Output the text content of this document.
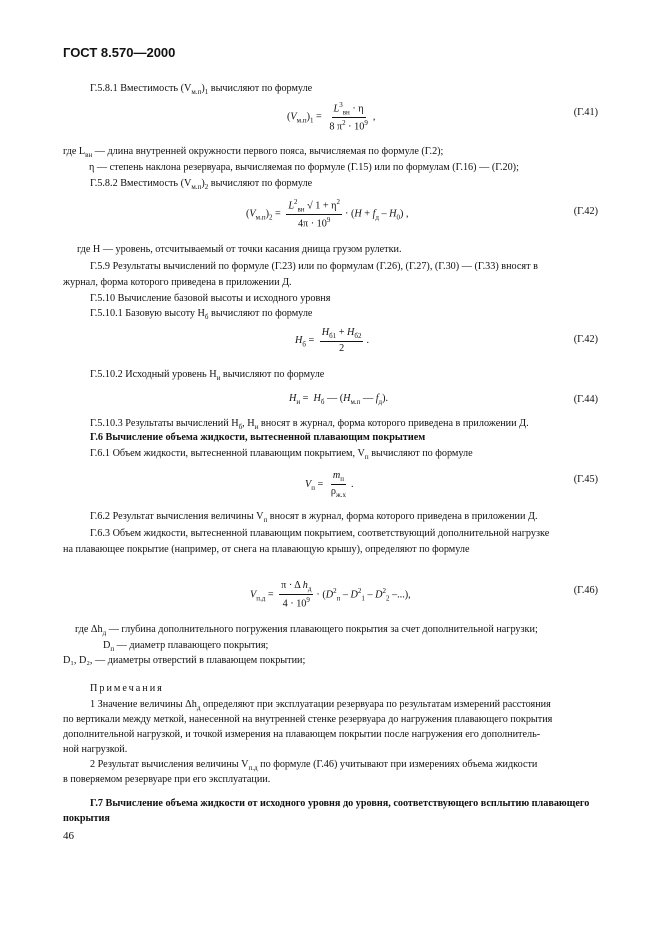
ГОСТ 8.570—2000
Г.5.8.1 Вместимость $(V_{м.п})_1$ вычисляют по формуле
$(V_{м.п})_1 = \frac{L^3_{вн} \cdot \eta}{8 \pi^2 \cdot 10^9}$ ,	(Г.41)
где $L_{вн}$ — длина внутренней окружности первого пояса, вычисляемая по формуле (Г.2);
η — степень наклона резервуара, вычисляемая по формуле (Г.15) или по формулам (Г.16) — (Г.20);
Г.5.8.2 Вместимость $(V_{м.п})_2$ вычисляют по формуле
$(V_{м.п})_2 = \frac{L^2_{вн} √ 1 + \eta^2}{4\pi \cdot 10^9} \cdot (H + f_д - H_0)$ ,	(Г.42)
где H — уровень, отсчитываемый от точки касания днища грузом рулетки.
Г.5.9 Результаты вычислений по формуле (Г.23) или по формулам (Г.26), (Г.27), (Г.30) — (Г.33) вносят в
журнал, форма которого приведена в приложении Д.
Г.5.10 Вычисление базовой высоты и исходного уровня
Г.5.10.1 Базовую высоту $H_б$ вычисляют по формуле
$H_б = \frac{H_{б1} + H_{б2}}{2}$ .	(Г.42)
Г.5.10.2 Исходный уровень $H_и$ вычисляют по формуле
$H_и = H_б$ — ($H_{м.п}$ — $f_д$).	(Г.44)
Г.5.10.3 Результаты вычислений $H_б$, $H_и$ вносят в журнал, форма которого приведена в приложении Д.
Г.6 Вычисление объема жидкости, вытесненной плавающим покрытием
Г.6.1 Объем жидкости, вытесненной плавающим покрытием, $V_п$ вычисляют по формуле
$V_п = \frac{m_п}{\rho_{ж.х}}$ .	(Г.45)
Г.6.2 Результат вычисления величины $V_п$ вносят в журнал, форма которого приведена в приложении Д.
Г.6.3 Объем жидкости, вытесненной плавающим покрытием, соответствующий дополнительной нагрузке
на плавающее покрытие (например, от снега на плавающую крышу), определяют по формуле
$V_{п.д} = \frac{\pi \cdot \Delta h_д}{4 \cdot 10^9} \cdot (D^2_п - D^2_1 - D^2_2$ –...),	(Г.46)
где $\Delta h_д$ — глубина дополнительного погружения плавающего покрытия за счет дополнительной нагрузки;
$D_п$ — диаметр плавающего покрытия;
D₁, D₂, — диаметры отверстий в плавающем покрытии;
Примечания
1 Значение величины $\Delta h_д$ определяют при эксплуатации резервуара по результатам измерений расстояния
по вертикали между меткой, нанесенной на внутренней стенке резервуара до нагружения плавающего покрытия
дополнительной нагрузкой, и точкой измерения на плавающем покрытии после нагружения его дополнитель-
ной нагрузкой.
2 Результат вычисления величины $V_{п.д}$ по формуле (Г.46) учитывают при измерениях объема жидкости
в поверяемом резервуаре при его эксплуатации.
Г.7 Вычисление объема жидкости от исходного уровня до уровня, соответствующего всплытию плавающего
покрытия
46
